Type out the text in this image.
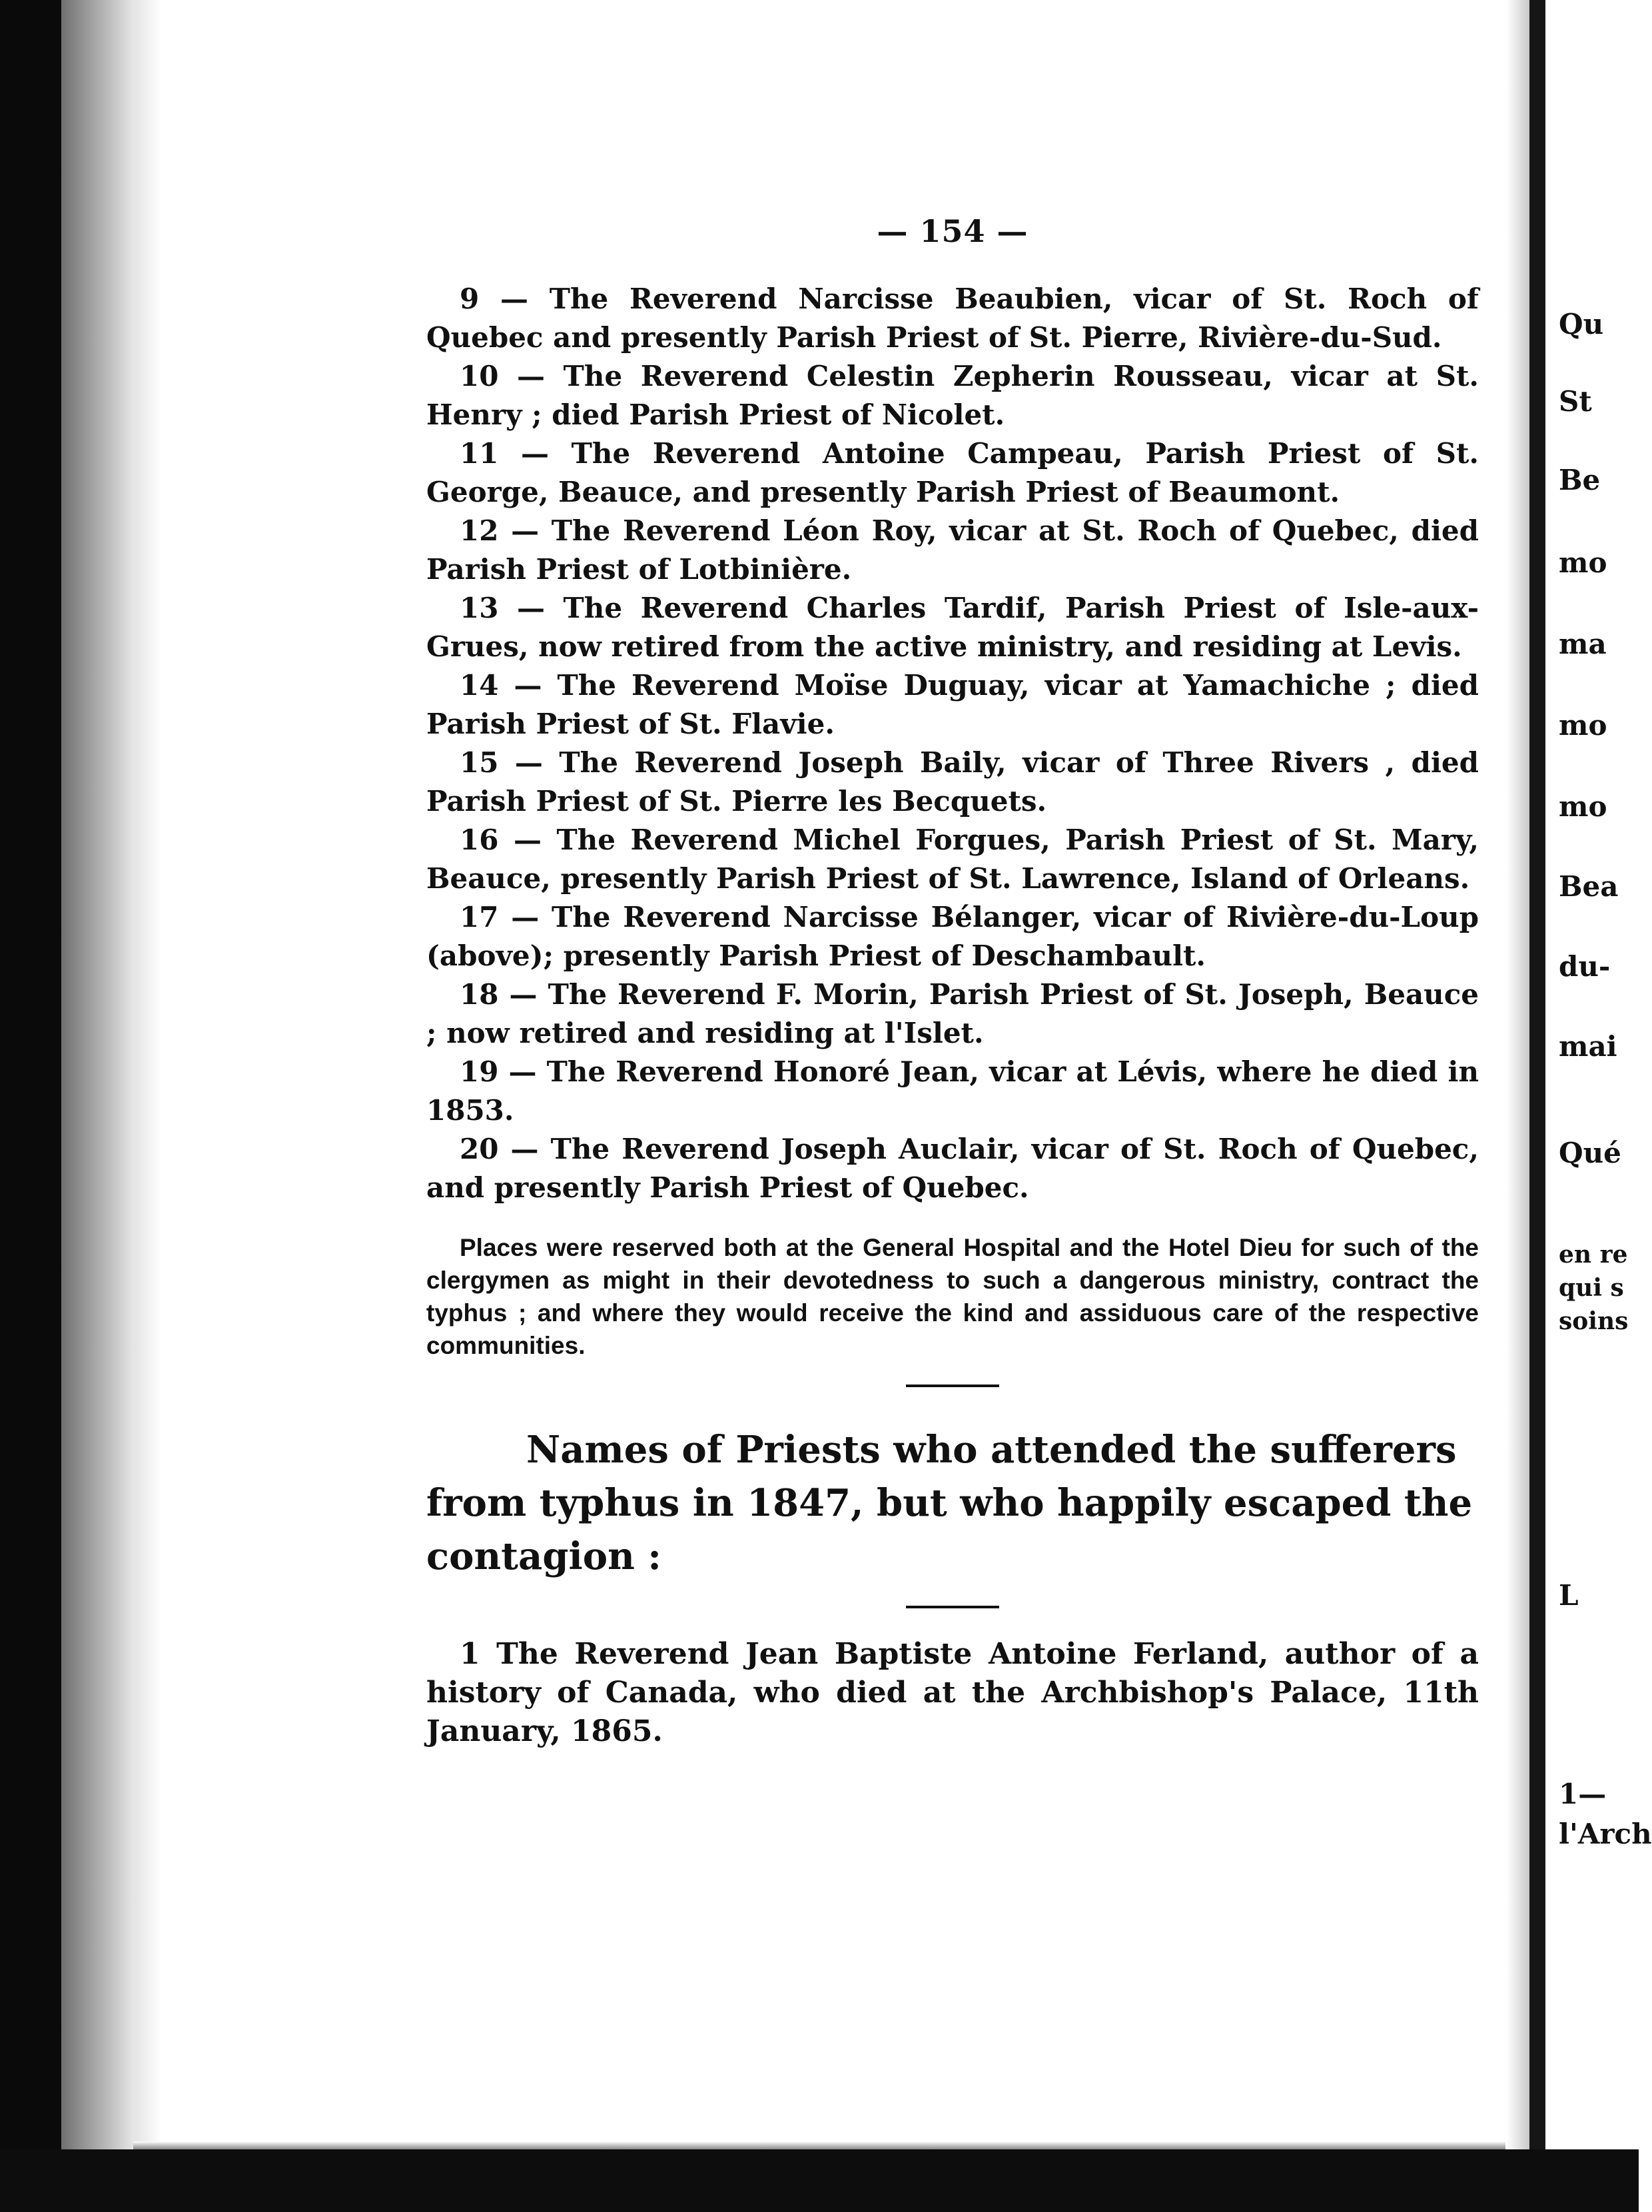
— 154 —

9 — The Reverend Narcisse Beaubien, vicar of St. Roch of Quebec and presently Parish Priest of St. Pierre, Rivière-du-Sud.

10 — The Reverend Celestin Zepherin Rousseau, vicar at St. Henry ; died Parish Priest of Nicolet.

11 — The Reverend Antoine Campeau, Parish Priest of St. George, Beauce, and presently Parish Priest of Beaumont.

12 — The Reverend Léon Roy, vicar at St. Roch of Quebec, died Parish Priest of Lotbinière.

13 — The Reverend Charles Tardif, Parish Priest of Isle-aux-Grues, now retired from the active ministry, and residing at Levis.

14 — The Reverend Moïse Duguay, vicar at Yamachiche ; died Parish Priest of St. Flavie.

15 — The Reverend Joseph Baily, vicar of Three Rivers , died Parish Priest of St. Pierre les Becquets.

16 — The Reverend Michel Forgues, Parish Priest of St. Mary, Beauce, presently Parish Priest of St. Lawrence, Island of Orleans.

17 — The Reverend Narcisse Bélanger, vicar of Rivière-du-Loup (above); presently Parish Priest of Deschambault.

18 — The Reverend F. Morin, Parish Priest of St. Joseph, Beauce ; now retired and residing at l'Islet.

19 — The Reverend Honoré Jean, vicar at Lévis, where he died in 1853.

20 — The Reverend Joseph Auclair, vicar of St. Roch of Quebec, and presently Parish Priest of Quebec.

Places were reserved both at the General Hospital and the Hotel Dieu for such of the clergymen as might in their devotedness to such a dangerous ministry, contract the typhus ; and where they would receive the kind and assiduous care of the respective communities.

Names of Priests who attended the sufferers from typhus in 1847, but who happily escaped the contagion :

1 The Reverend Jean Baptiste Antoine Ferland, author of a history of Canada, who died at the Archbishop's Palace, 11th January, 1865.

Qu
St
Be
mo
ma
mo
mo
Bea
du-
mai
Qué
en re
qui s
soins
L
1—
l'Arch
